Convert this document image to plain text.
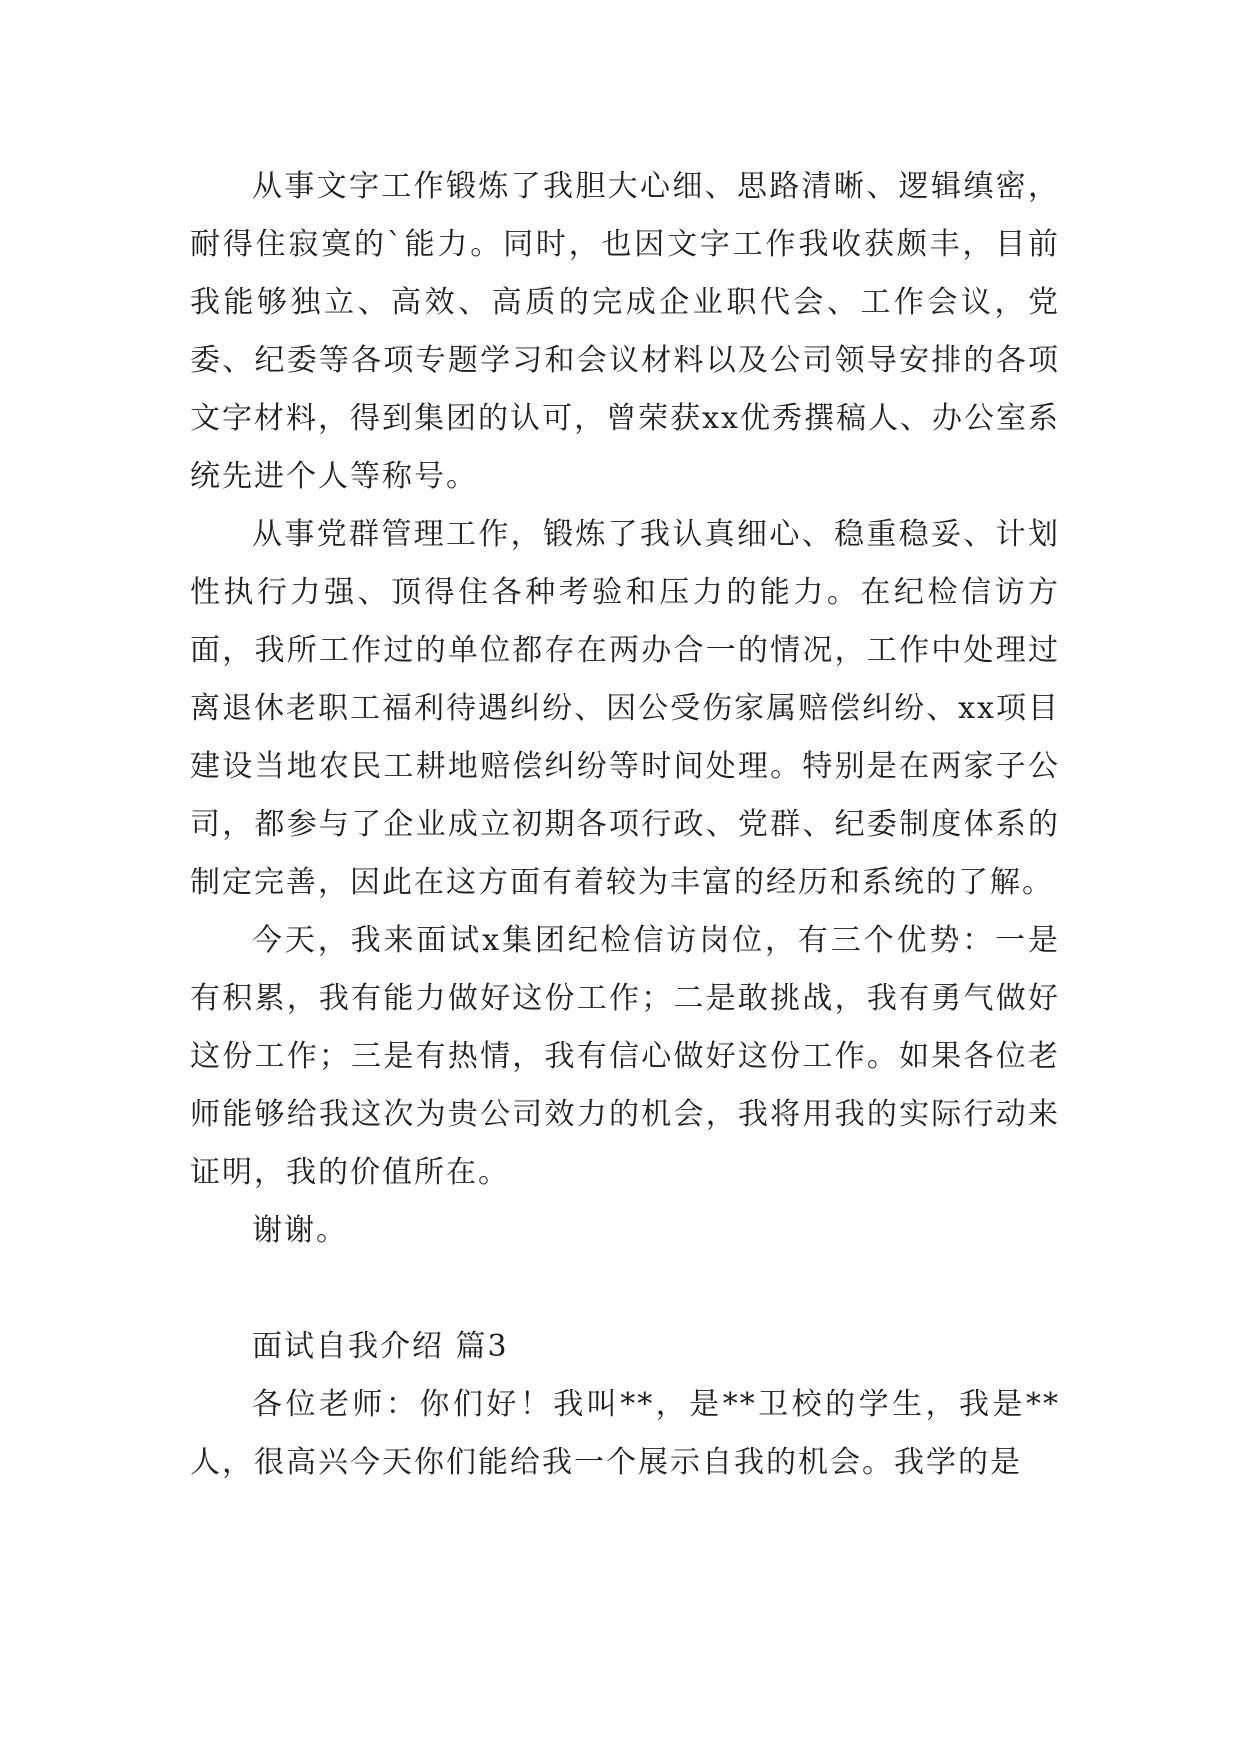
从事文字工作锻炼了我胆大心细、思路清晰、逻辑缜密，耐得住寂寞的`能力。同时，也因文字工作我收获颇丰，目前我能够独立、高效、高质的完成企业职代会、工作会议，党委、纪委等各项专题学习和会议材料以及公司领导安排的各项文字材料，得到集团的认可，曾荣获xx优秀撰稿人、办公室系统先进个人等称号。

从事党群管理工作，锻炼了我认真细心、稳重稳妥、计划性执行力强、顶得住各种考验和压力的能力。在纪检信访方面，我所工作过的单位都存在两办合一的情况，工作中处理过离退休老职工福利待遇纠纷、因公受伤家属赔偿纠纷、xx项目建设当地农民工耕地赔偿纠纷等时间处理。特别是在两家子公司，都参与了企业成立初期各项行政、党群、纪委制度体系的制定完善，因此在这方面有着较为丰富的经历和系统的了解。

今天，我来面试x集团纪检信访岗位，有三个优势：一是有积累，我有能力做好这份工作；二是敢挑战，我有勇气做好这份工作；三是有热情，我有信心做好这份工作。如果各位老师能够给我这次为贵公司效力的机会，我将用我的实际行动来证明，我的价值所在。

谢谢。

面试自我介绍 篇3

各位老师：你们好！我叫**，是**卫校的学生，我是**人，很高兴今天你们能给我一个展示自我的机会。我学的是
